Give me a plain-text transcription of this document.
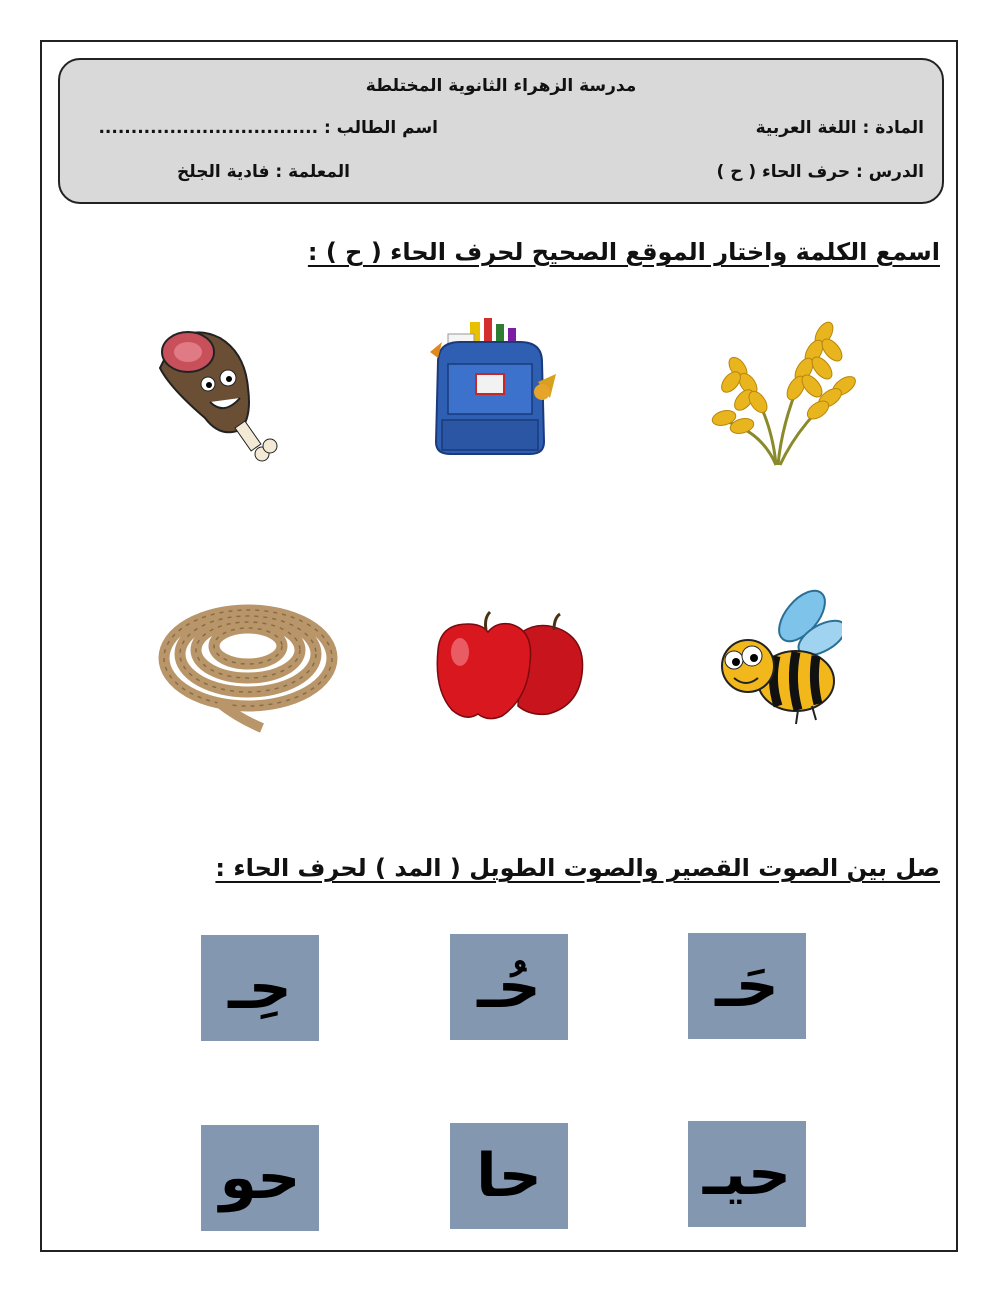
مدرسة الزهراء الثانوية المختلطة
المادة : اللغة العربية
اسم الطالب : ..................................
الدرس : حرف الحاء ( ح )
المعلمة : فادية الجلخ
اسمع الكلمة واختار الموقع الصحيح لحرف الحاء ( ح ) :
صل بين الصوت القصير والصوت الطويل ( المد ) لحرف الحاء :
حَـ
حُـ
حِـ
حيـ
حا
حو
